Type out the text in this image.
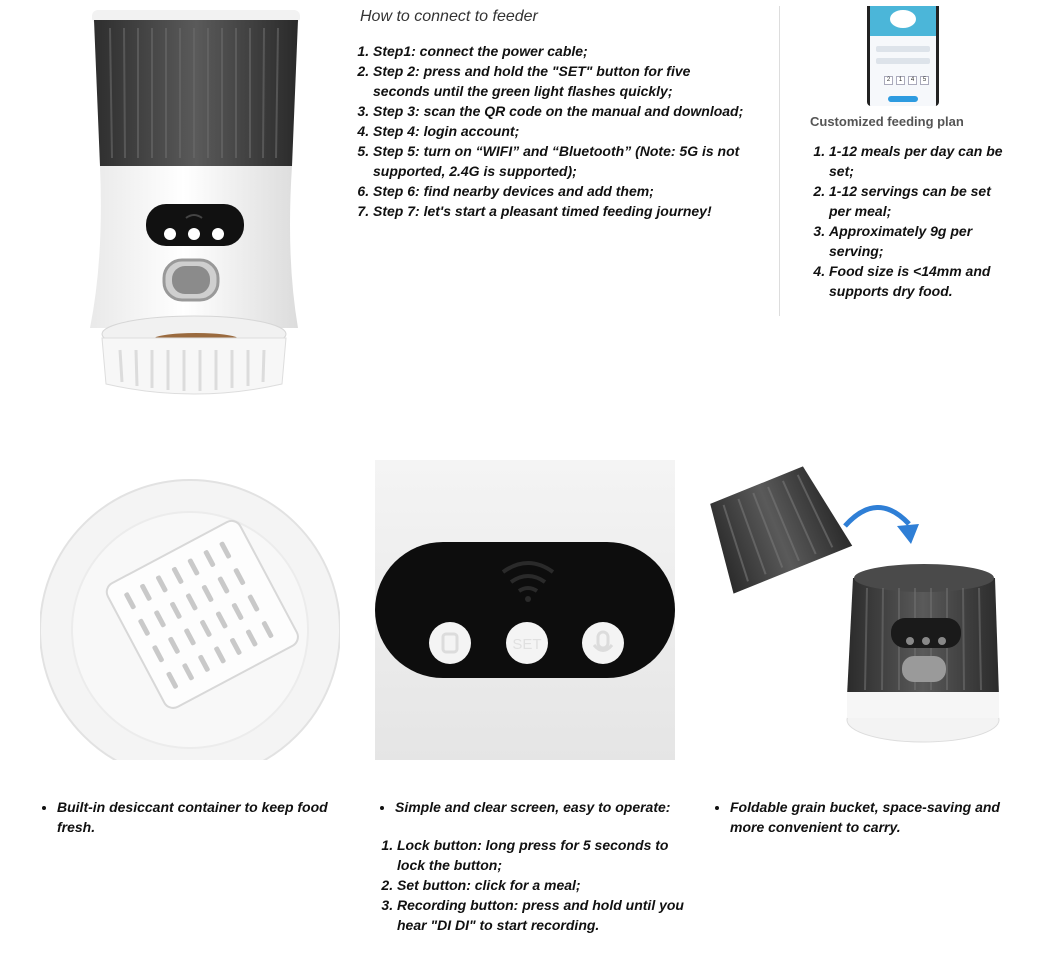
How to connect to feeder
1. Step1: connect the power cable;
2. Step 2: press and hold the "SET" button for five seconds until the green light flashes quickly;
3. Step 3: scan the QR code on the manual and download;
4. Step 4: login account;
5. Step 5: turn on “WIFI” and “Bluetooth” (Note: 5G is not supported, 2.4G is supported);
6. Step 6: find nearby devices and add them;
7. Step 7: let's start a pleasant timed feeding journey!
2	1	4	5
Customized feeding plan
1. 1-12 meals per day can be set;
2. 1-12 servings can be set per meal;
3. Approximately 9g per serving;
4. Food size is <14mm and supports dry food.
SET
• Built-in desiccant container to keep food fresh.
• Simple and clear screen, easy to operate:
1. Lock button: long press for 5 seconds to lock the button;
2. Set button: click for a meal;
3. Recording button: press and hold until you hear "DI DI" to start recording.
• Foldable grain bucket, space-saving and more convenient to carry.
